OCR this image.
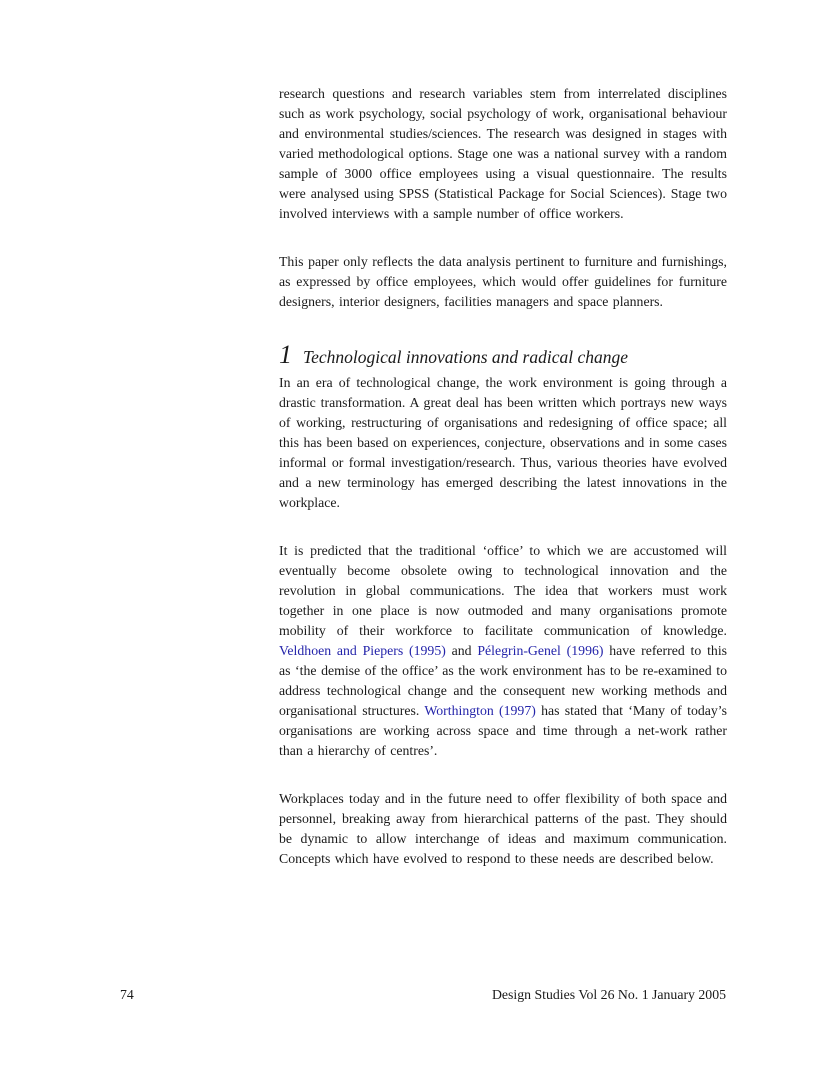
research questions and research variables stem from interrelated disciplines such as work psychology, social psychology of work, organisational behaviour and environmental studies/sciences. The research was designed in stages with varied methodological options. Stage one was a national survey with a random sample of 3000 office employees using a visual questionnaire. The results were analysed using SPSS (Statistical Package for Social Sciences). Stage two involved interviews with a sample number of office workers.

This paper only reflects the data analysis pertinent to furniture and furnishings, as expressed by office employees, which would offer guidelines for furniture designers, interior designers, facilities managers and space planners.

1 Technological innovations and radical change

In an era of technological change, the work environment is going through a drastic transformation. A great deal has been written which portrays new ways of working, restructuring of organisations and redesigning of office space; all this has been based on experiences, conjecture, observations and in some cases informal or formal investigation/research. Thus, various theories have evolved and a new terminology has emerged describing the latest innovations in the workplace.

It is predicted that the traditional ‘office’ to which we are accustomed will eventually become obsolete owing to technological innovation and the revolution in global communications. The idea that workers must work together in one place is now outmoded and many organisations promote mobility of their workforce to facilitate communication of knowledge. Veldhoen and Piepers (1995) and Pélegrin-Genel (1996) have referred to this as ‘the demise of the office’ as the work environment has to be re-examined to address technological change and the consequent new working methods and organisational structures. Worthington (1997) has stated that ‘Many of today’s organisations are working across space and time through a net-work rather than a hierarchy of centres’.

Workplaces today and in the future need to offer flexibility of both space and personnel, breaking away from hierarchical patterns of the past. They should be dynamic to allow interchange of ideas and maximum communication. Concepts which have evolved to respond to these needs are described below.

74	Design Studies Vol 26 No. 1 January 2005
